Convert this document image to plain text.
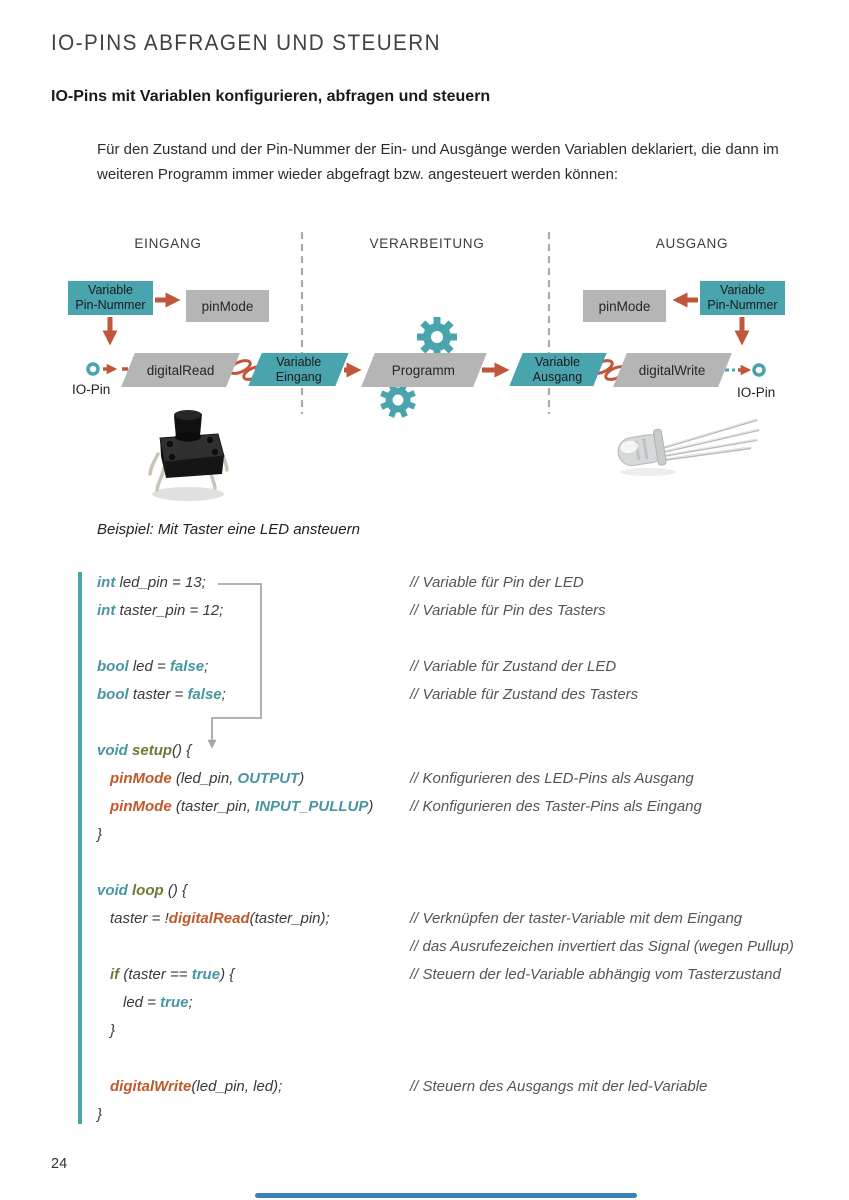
IO-PINS ABFRAGEN UND STEUERN
IO-Pins mit Variablen konfigurieren, abfragen und steuern
Für den Zustand und der Pin-Nummer der Ein- und Ausgänge werden Variablen deklariert, die dann im
weiteren Programm immer wieder abgefragt bzw. angesteuert werden können:
EINGANG	VERARBEITUNG	AUSGANG
Variable
Pin-Nummer	pinMode
digitalRead
Variable
Eingang	Programm
Variable
Ausgang	digitalWrite
pinMode
Variable
Pin-Nummer
IO-Pin	IO-Pin
Beispiel: Mit Taster eine LED ansteuern
int led_pin = 13;	// Variable für Pin der LED
int taster_pin = 12;	// Variable für Pin des Tasters
bool led = false;	// Variable für Zustand der LED
bool taster = false;	// Variable für Zustand des Tasters
void setup() {
pinMode (led_pin, OUTPUT)	// Konfigurieren des LED-Pins als Ausgang
pinMode (taster_pin, INPUT_PULLUP) // Konfigurieren des Taster-Pins als Eingang
}
void loop () {
taster = !digitalRead(taster_pin);	// Verknüpfen der taster-Variable mit dem Eingang
// das Ausrufezeichen invertiert das Signal (wegen Pullup)
if (taster == true) {	// Steuern der led-Variable abhängig vom Tasterzustand
led = true;
}
digitalWrite(led_pin, led);	// Steuern des Ausgangs mit der led-Variable
}
24
